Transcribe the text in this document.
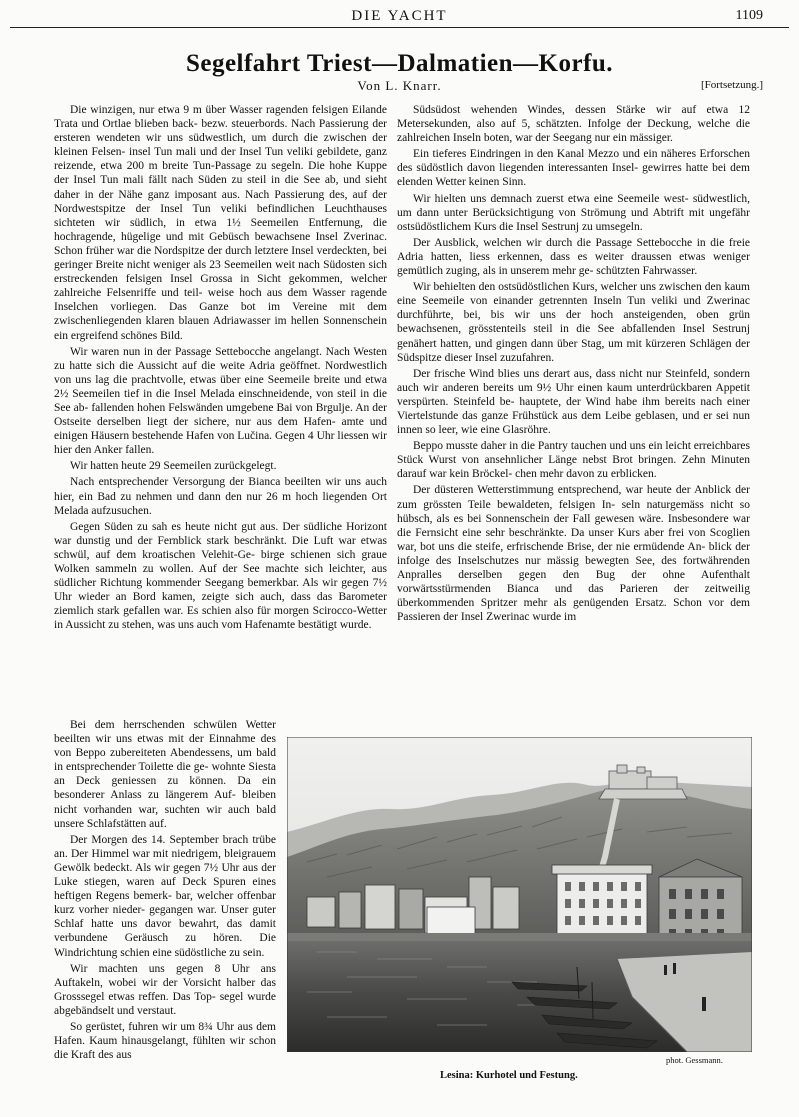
DIE YACHT	1109
Segelfahrt Triest—Dalmatien—Korfu.
Von L. Knarr.	[Fortsetzung.]

Die winzigen, nur etwa 9 m über Wasser ragenden felsigen Eilande Trata und Ortlae blieben back- bezw. steuerbords. Nach Passierung der ersteren wendeten wir uns südwestlich, um durch die zwischen der kleinen Felsen- insel Tun mali und der Insel Tun veliki gebildete, ganz reizende, etwa 200 m breite Tun-Passage zu segeln. Die hohe Kuppe der Insel Tun mali fällt nach Süden zu steil in die See ab, und sieht daher in der Nähe ganz imposant aus. Nach Passierung des, auf der Nordwestspitze der Insel Tun veliki befindlichen Leuchthauses sichteten wir südlich, in etwa 1½ Seemeilen Entfernung, die hochragende, hügelige und mit Gebüsch bewachsene Insel Zverinac. Schon früher war die Nordspitze der durch letztere Insel verdeckten, bei geringer Breite nicht weniger als 23 Seemeilen weit nach Südosten sich erstreckenden felsigen Insel Grossa in Sicht gekommen, welcher zahlreiche Felsenriffe und teil- weise hoch aus dem Wasser ragende Inselchen vorliegen. Das Ganze bot im Vereine mit dem zwischenliegenden klaren blauen Adriawasser im hellen Sonnenschein ein ergreifend schönes Bild.

Wir waren nun in der Passage Settebocche angelangt. Nach Westen zu hatte sich die Aussicht auf die weite Adria geöffnet. Nordwestlich von uns lag die prachtvolle, etwas über eine Seemeile breite und etwa 2½ Seemeilen tief in die Insel Melada einschneidende, von steil in die See ab- fallenden hohen Felswänden umgebene Bai von Brgulje. An der Ostseite derselben liegt der sichere, nur aus dem Hafen- amte und einigen Häusern bestehende Hafen von Lučina. Gegen 4 Uhr liessen wir hier den Anker fallen.

Wir hatten heute 29 Seemeilen zurückgelegt.

Nach entsprechender Versorgung der Bianca beeilten wir uns auch hier, ein Bad zu nehmen und dann den nur 26 m hoch liegenden Ort Melada aufzusuchen.

Gegen Süden zu sah es heute nicht gut aus. Der südliche Horizont war dunstig und der Fernblick stark beschränkt. Die Luft war etwas schwül, auf dem kroatischen Velehit-Ge- birge schienen sich graue Wolken sammeln zu wollen. Auf der See machte sich leichter, aus südlicher Richtung kommender Seegang bemerkbar. Als wir gegen 7½ Uhr wieder an Bord kamen, zeigte sich auch, dass das Barometer ziemlich stark gefallen war. Es schien also für morgen Scirocco-Wetter in Aussicht zu stehen, was uns auch vom Hafenamte bestätigt wurde.

Bei dem herrschenden schwülen Wetter beeilten wir uns etwas mit der Einnahme des von Beppo zubereiteten Abendessens, um bald in entsprechender Toilette die ge- wohnte Siesta an Deck geniessen zu können. Da ein besonderer Anlass zu längerem Auf- bleiben nicht vorhanden war, suchten wir auch bald unsere Schlafstätten auf.

Der Morgen des 14. September brach trübe an. Der Himmel war mit niedrigem, bleigrauem Gewölk bedeckt. Als wir gegen 7½ Uhr aus der Luke stiegen, waren auf Deck Spuren eines heftigen Regens bemerk- bar, welcher offenbar kurz vorher nieder- gegangen war. Unser guter Schlaf hatte uns davor bewahrt, das damit verbundene Geräusch zu hören. Die Windrichtung schien eine südöstliche zu sein.

Wir machten uns gegen 8 Uhr ans Auftakeln, wobei wir der Vorsicht halber das Grosssegel etwas reffen. Das Top- segel wurde abgebändselt und verstaut.

So gerüstet, fuhren wir um 8¾ Uhr aus dem Hafen. Kaum hinausgelangt, fühlten wir schon die Kraft des aus

Südsüdost wehenden Windes, dessen Stärke wir auf etwa 12 Metersekunden, also auf 5, schätzten. Infolge der Deckung, welche die zahlreichen Inseln boten, war der Seegang nur ein mässiger.

Ein tieferes Eindringen in den Kanal Mezzo und ein näheres Erforschen des südöstlich davon liegenden interessanten Insel- gewirres hatte bei dem elenden Wetter keinen Sinn.

Wir hielten uns demnach zuerst etwa eine Seemeile west- südwestlich, um dann unter Berücksichtigung von Strömung und Abtrift mit ungefähr ostsüdöstlichem Kurs die Insel Sestrunj zu umsegeln.

Der Ausblick, welchen wir durch die Passage Settebocche in die freie Adria hatten, liess erkennen, dass es weiter draussen etwas weniger gemütlich zuging, als in unserem mehr ge- schützten Fahrwasser.

Wir behielten den ostsüdöstlichen Kurs, welcher uns zwischen den kaum eine Seemeile von einander getrennten Inseln Tun veliki und Zwerinac durchführte, bei, bis wir uns der hoch ansteigenden, oben grün bewachsenen, grösstenteils steil in die See abfallenden Insel Sestrunj genähert hatten, und gingen dann über Stag, um mit kürzeren Schlägen der Südspitze dieser Insel zuzufahren.

Der frische Wind blies uns derart aus, dass nicht nur Steinfeld, sondern auch wir anderen bereits um 9½ Uhr einen kaum unterdrückbaren Appetit verspürten. Steinfeld be- hauptete, der Wind habe ihm bereits nach einer Viertelstunde das ganze Frühstück aus dem Leibe geblasen, und er sei nun innen so leer, wie eine Glasröhre.

Beppo musste daher in die Pantry tauchen und uns ein leicht erreichbares Stück Wurst von ansehnlicher Länge nebst Brot bringen. Zehn Minuten darauf war kein Bröckel- chen mehr davon zu erblicken.

Der düsteren Wetterstimmung entsprechend, war heute der Anblick der zum grössten Teile bewaldeten, felsigen In- seln naturgemäss nicht so hübsch, als es bei Sonnenschein der Fall gewesen wäre. Insbesondere war die Fernsicht eine sehr beschränkte. Da unser Kurs aber frei von Scoglien war, bot uns die steife, erfrischende Brise, der nie ermüdende An- blick der infolge des Inselschutzes nur mässig bewegten See, des fortwährenden Anpralles derselben gegen den Bug der ohne Aufenthalt vorwärtsstürmenden Bianca und das Parieren der zeitweilig überkommenden Spritzer mehr als genügenden Ersatz. Schon vor dem Passieren der Insel Zwerinac wurde im

phot. Gessmann.
Lesina: Kurhotel und Festung.
